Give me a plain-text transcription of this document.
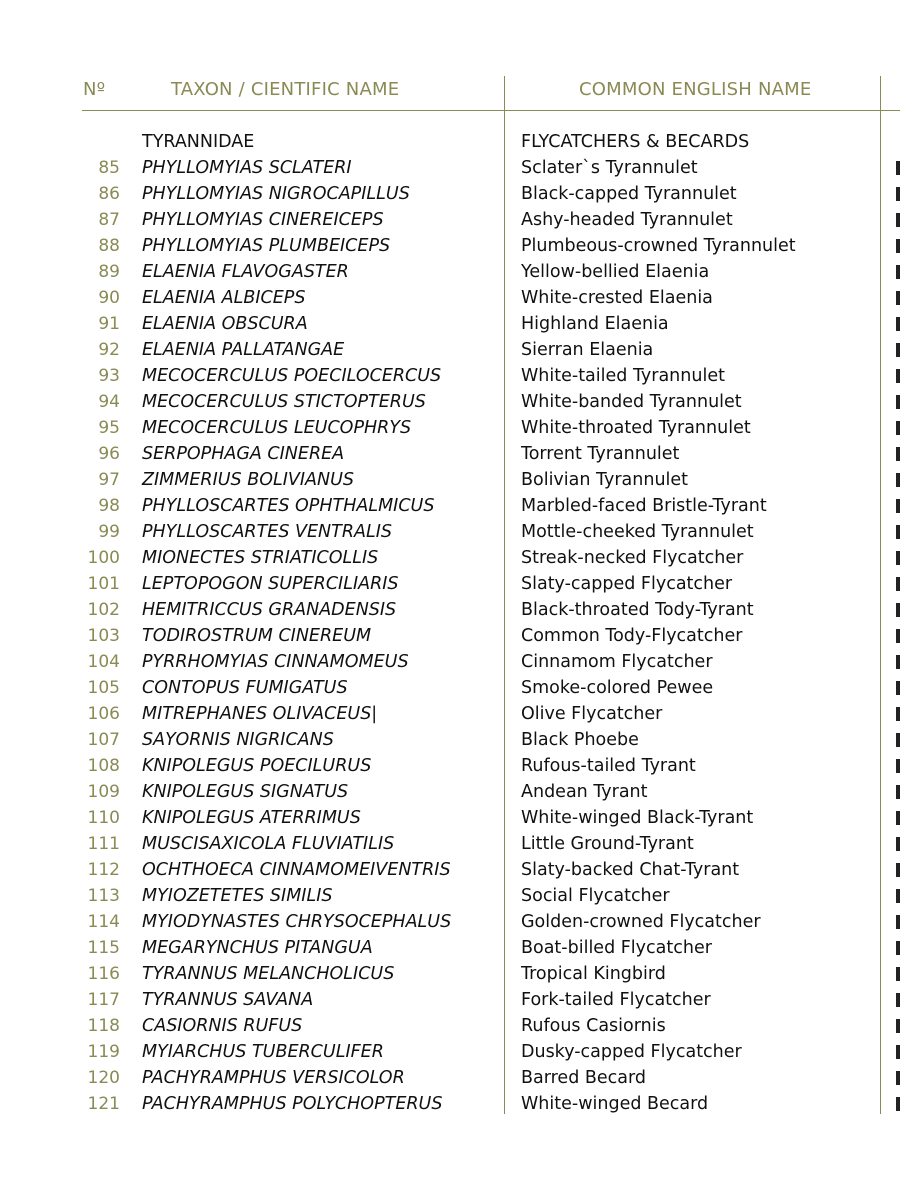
Nº	TAXON / CIENTIFIC NAME	COMMON ENGLISH NAME
TYRANNIDAE	FLYCATCHERS & BECARDS
85 PHYLLOMYIAS SCLATERI	Sclater`s Tyrannulet
86 PHYLLOMYIAS NIGROCAPILLUS	Black-capped Tyrannulet
87 PHYLLOMYIAS CINEREICEPS	Ashy-headed Tyrannulet
88 PHYLLOMYIAS PLUMBEICEPS	Plumbeous-crowned Tyrannulet
89 ELAENIA FLAVOGASTER	Yellow-bellied Elaenia
90 ELAENIA ALBICEPS	White-crested Elaenia
91 ELAENIA OBSCURA	Highland Elaenia
92 ELAENIA PALLATANGAE	Sierran Elaenia
93 MECOCERCULUS POECILOCERCUS	White-tailed Tyrannulet
94 MECOCERCULUS STICTOPTERUS	White-banded Tyrannulet
95 MECOCERCULUS LEUCOPHRYS	White-throated Tyrannulet
96 SERPOPHAGA CINEREA	Torrent Tyrannulet
97 ZIMMERIUS BOLIVIANUS	Bolivian Tyrannulet
98 PHYLLOSCARTES OPHTHALMICUS	Marbled-faced Bristle-Tyrant
99 PHYLLOSCARTES VENTRALIS	Mottle-cheeked Tyrannulet
100 MIONECTES STRIATICOLLIS	Streak-necked Flycatcher
101 LEPTOPOGON SUPERCILIARIS	Slaty-capped Flycatcher
102 HEMITRICCUS GRANADENSIS	Black-throated Tody-Tyrant
103 TODIROSTRUM CINEREUM	Common Tody-Flycatcher
104 PYRRHOMYIAS CINNAMOMEUS	Cinnamom Flycatcher
105 CONTOPUS FUMIGATUS	Smoke-colored Pewee
106 MITREPHANES OLIVACEUS|	Olive Flycatcher
107 SAYORNIS NIGRICANS	Black Phoebe
108 KNIPOLEGUS POECILURUS	Rufous-tailed Tyrant
109 KNIPOLEGUS SIGNATUS	Andean Tyrant
110 KNIPOLEGUS ATERRIMUS	White-winged Black-Tyrant
111 MUSCISAXICOLA FLUVIATILIS	Little Ground-Tyrant
112 OCHTHOECA CINNAMOMEIVENTRIS	Slaty-backed Chat-Tyrant
113 MYIOZETETES SIMILIS	Social Flycatcher
114 MYIODYNASTES CHRYSOCEPHALUS	Golden-crowned Flycatcher
115 MEGARYNCHUS PITANGUA	Boat-billed Flycatcher
116 TYRANNUS MELANCHOLICUS	Tropical Kingbird
117 TYRANNUS SAVANA	Fork-tailed Flycatcher
118 CASIORNIS RUFUS	Rufous Casiornis
119 MYIARCHUS TUBERCULIFER	Dusky-capped Flycatcher
120 PACHYRAMPHUS VERSICOLOR	Barred Becard
121 PACHYRAMPHUS POLYCHOPTERUS	White-winged Becard
